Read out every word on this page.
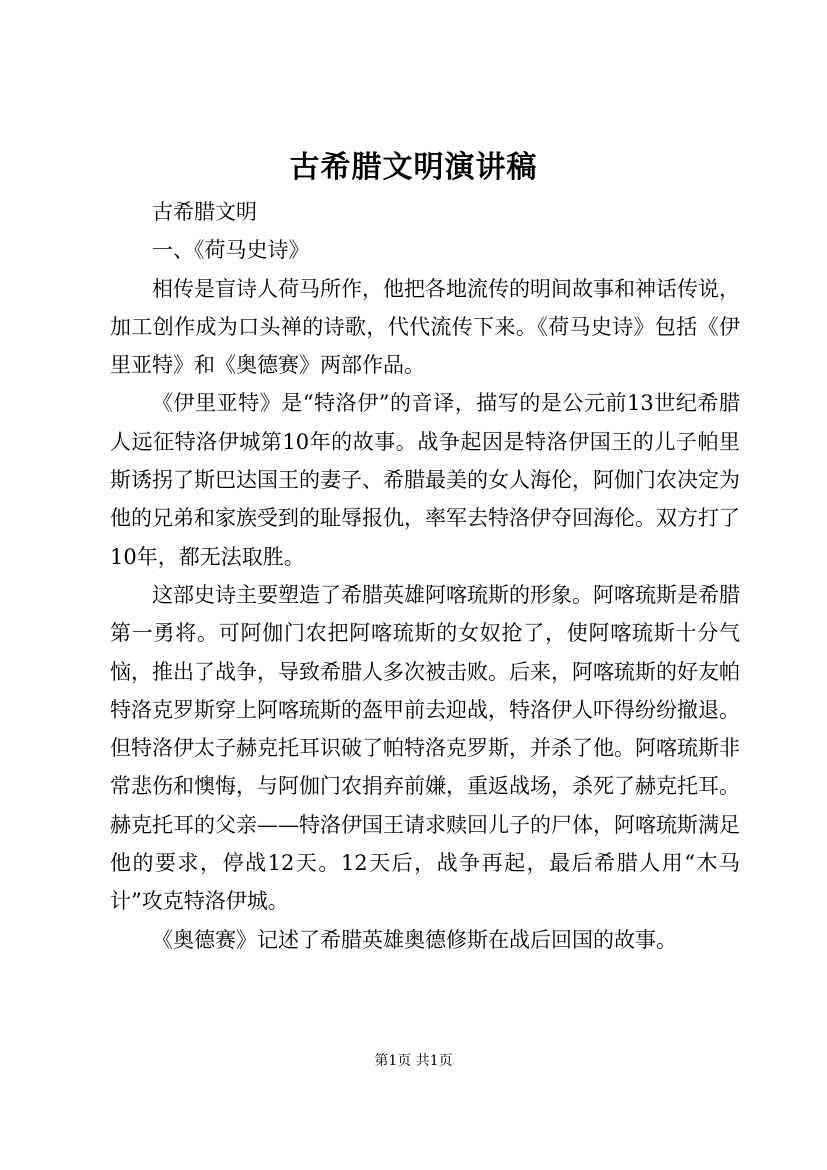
古希腊文明演讲稿

古希腊文明

一、《荷马史诗》

相传是盲诗人荷马所作，他把各地流传的明间故事和神话传说，加工创作成为口头禅的诗歌，代代流传下来。《荷马史诗》包括《伊里亚特》和《奥德赛》两部作品。

《伊里亚特》是“特洛伊”的音译，描写的是公元前13世纪希腊人远征特洛伊城第10年的故事。战争起因是特洛伊国王的儿子帕里斯诱拐了斯巴达国王的妻子、希腊最美的女人海伦，阿伽门农决定为他的兄弟和家族受到的耻辱报仇，率军去特洛伊夺回海伦。双方打了10年，都无法取胜。

这部史诗主要塑造了希腊英雄阿喀琉斯的形象。阿喀琉斯是希腊第一勇将。可阿伽门农把阿喀琉斯的女奴抢了，使阿喀琉斯十分气恼，推出了战争，导致希腊人多次被击败。后来，阿喀琉斯的好友帕特洛克罗斯穿上阿喀琉斯的盔甲前去迎战，特洛伊人吓得纷纷撤退。但特洛伊太子赫克托耳识破了帕特洛克罗斯，并杀了他。阿喀琉斯非常悲伤和懊悔，与阿伽门农捐弃前嫌，重返战场，杀死了赫克托耳。赫克托耳的父亲——特洛伊国王请求赎回儿子的尸体，阿喀琉斯满足他的要求，停战12天。12天后，战争再起，最后希腊人用“木马计”攻克特洛伊城。

《奥德赛》记述了希腊英雄奥德修斯在战后回国的故事。

第1页 共1页
